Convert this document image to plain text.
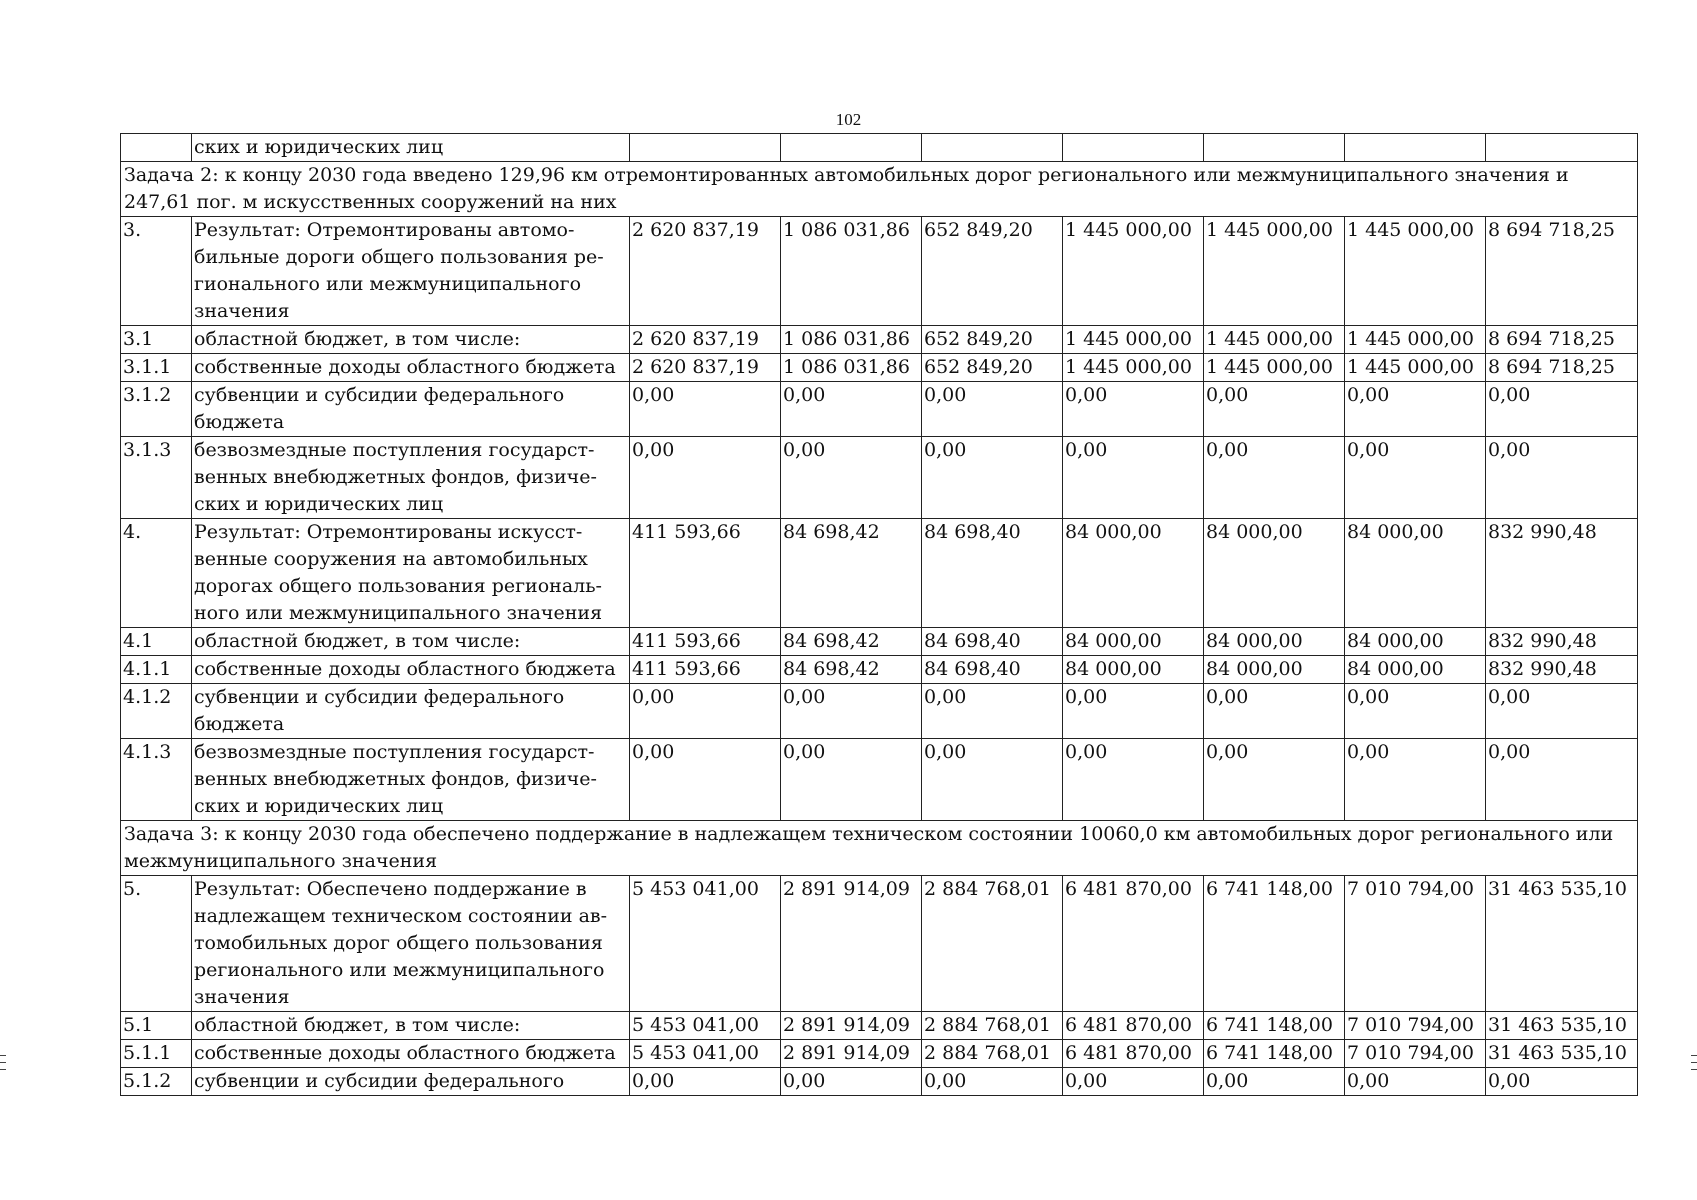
102
	ских и юридических лиц							
Задача 2: к концу 2030 года введено 129,96 км отремонтированных автомобильных дорог регионального или межмуниципального значения и 247,61 пог. м искусственных сооружений на них								
3.	Результат: Отремонтированы автомо-
бильные дороги общего пользования ре-
гионального или межмуниципального
значения	2 620 837,19	1 086 031,86	652 849,20	1 445 000,00	1 445 000,00	1 445 000,00	8 694 718,25
3.1	областной бюджет, в том числе:	2 620 837,19	1 086 031,86	652 849,20	1 445 000,00	1 445 000,00	1 445 000,00	8 694 718,25
3.1.1	собственные доходы областного бюджета	2 620 837,19	1 086 031,86	652 849,20	1 445 000,00	1 445 000,00	1 445 000,00	8 694 718,25
3.1.2	субвенции и субсидии федерального
бюджета	0,00	0,00	0,00	0,00	0,00	0,00	0,00
3.1.3	безвозмездные поступления государст-
венных внебюджетных фондов, физиче-
ских и юридических лиц	0,00	0,00	0,00	0,00	0,00	0,00	0,00
4.	Результат: Отремонтированы искусст-
венные сооружения на автомобильных
дорогах общего пользования региональ-
ного или межмуниципального значения	411 593,66	84 698,42	84 698,40	84 000,00	84 000,00	84 000,00	832 990,48
4.1	областной бюджет, в том числе:	411 593,66	84 698,42	84 698,40	84 000,00	84 000,00	84 000,00	832 990,48
4.1.1	собственные доходы областного бюджета	411 593,66	84 698,42	84 698,40	84 000,00	84 000,00	84 000,00	832 990,48
4.1.2	субвенции и субсидии федерального
бюджета	0,00	0,00	0,00	0,00	0,00	0,00	0,00
4.1.3	безвозмездные поступления государст-
венных внебюджетных фондов, физиче-
ских и юридических лиц	0,00	0,00	0,00	0,00	0,00	0,00	0,00
Задача 3: к концу 2030 года обеспечено поддержание в надлежащем техническом состоянии 10060,0 км автомобильных дорог регионального или межмуниципального значения								
5.	Результат: Обеспечено поддержание в
надлежащем техническом состоянии ав-
томобильных дорог общего пользования
регионального или межмуниципального
значения	5 453 041,00	2 891 914,09	2 884 768,01	6 481 870,00	6 741 148,00	7 010 794,00	31 463 535,10
5.1	областной бюджет, в том числе:	5 453 041,00	2 891 914,09	2 884 768,01	6 481 870,00	6 741 148,00	7 010 794,00	31 463 535,10
5.1.1	собственные доходы областного бюджета	5 453 041,00	2 891 914,09	2 884 768,01	6 481 870,00	6 741 148,00	7 010 794,00	31 463 535,10
5.1.2	субвенции и субсидии федерального	0,00	0,00	0,00	0,00	0,00	0,00	0,00
